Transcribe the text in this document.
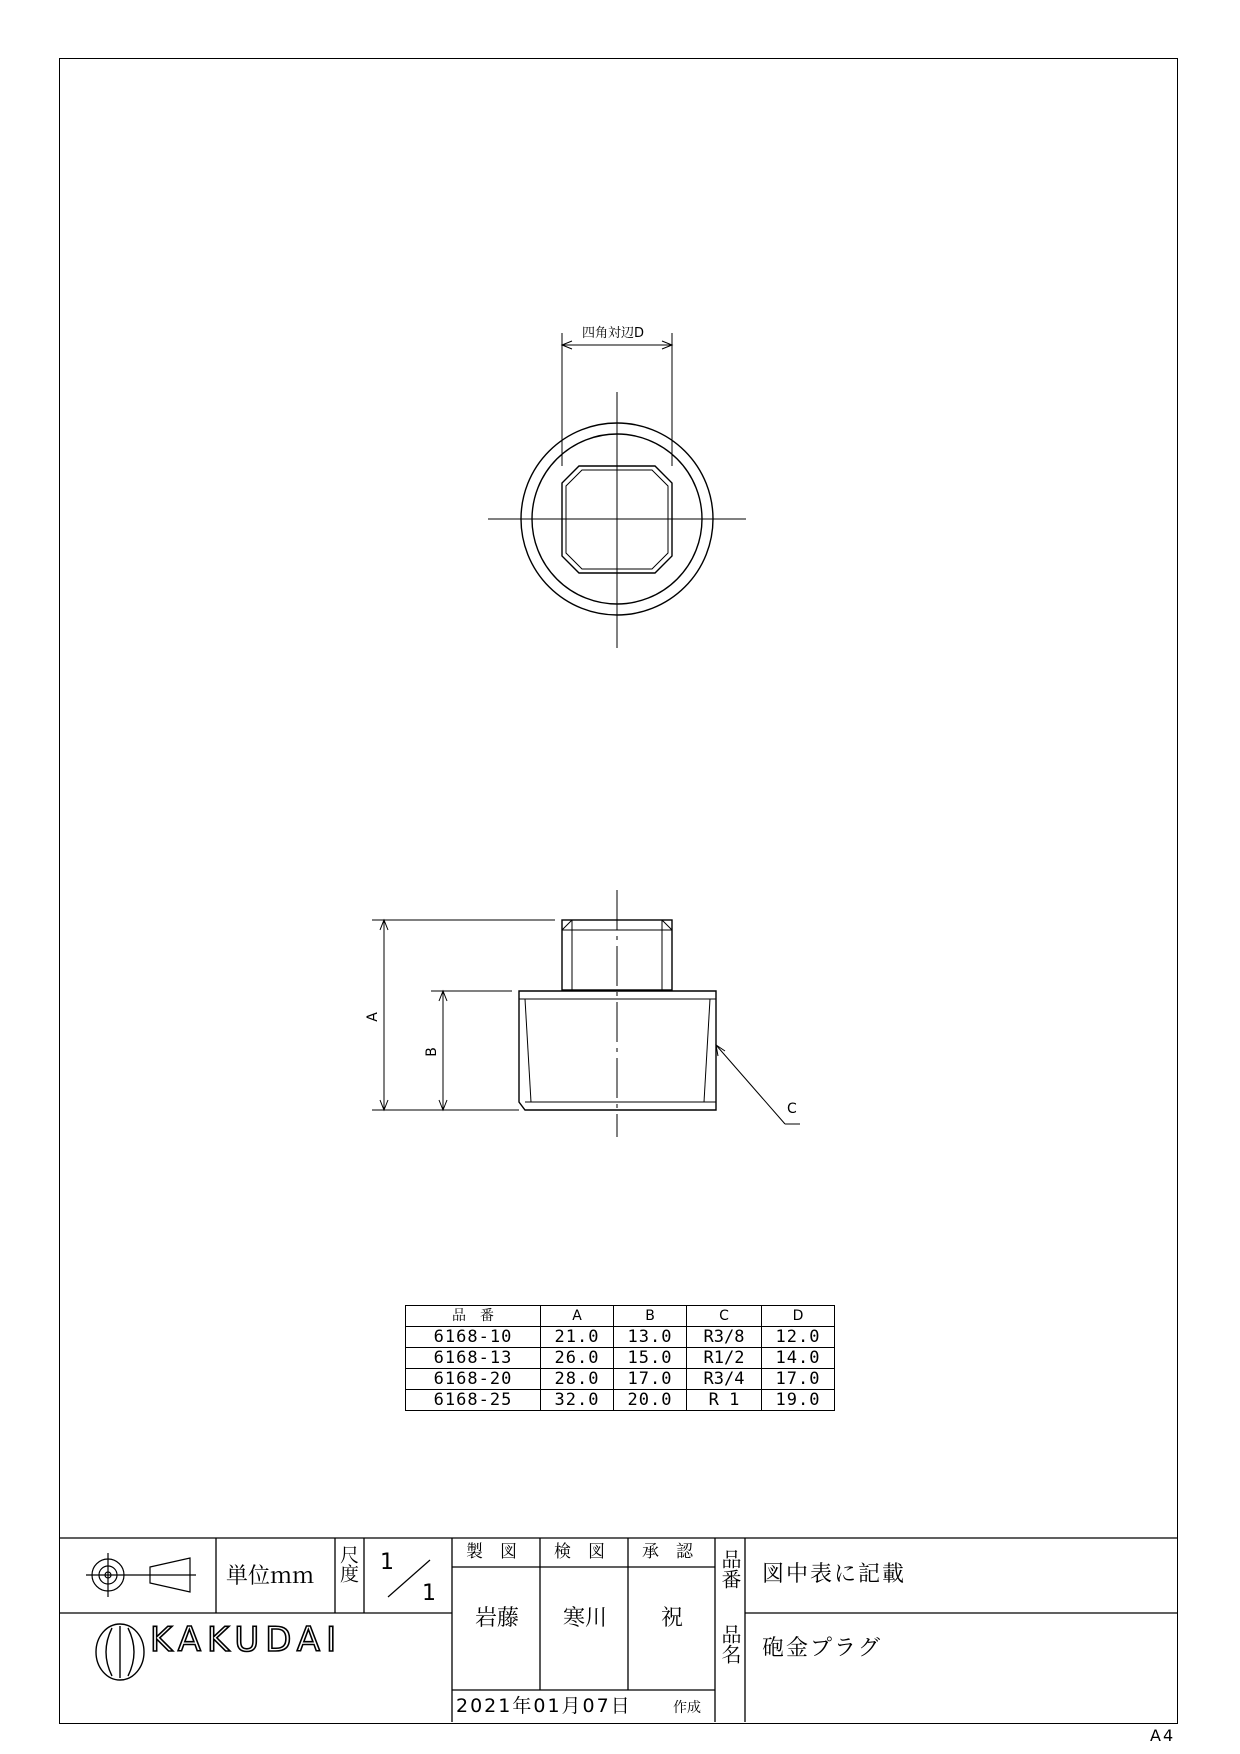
四角対辺D
A
B
C
品　番	A	B	C	D
6168-10	21.0	13.0	R3/8	12.0
6168-13	26.0	15.0	R1/2	14.0
6168-20	28.0	17.0	R3/4	17.0
6168-25	32.0	20.0	R 1	19.0
単位ｍｍ 尺度 1
1
製　図 検　図 承　認
岩藤 寒川 祝
2021年01月07日	作成
品番 図中表に記載
品名 砲金プラグ
KAKUDAI
A4
